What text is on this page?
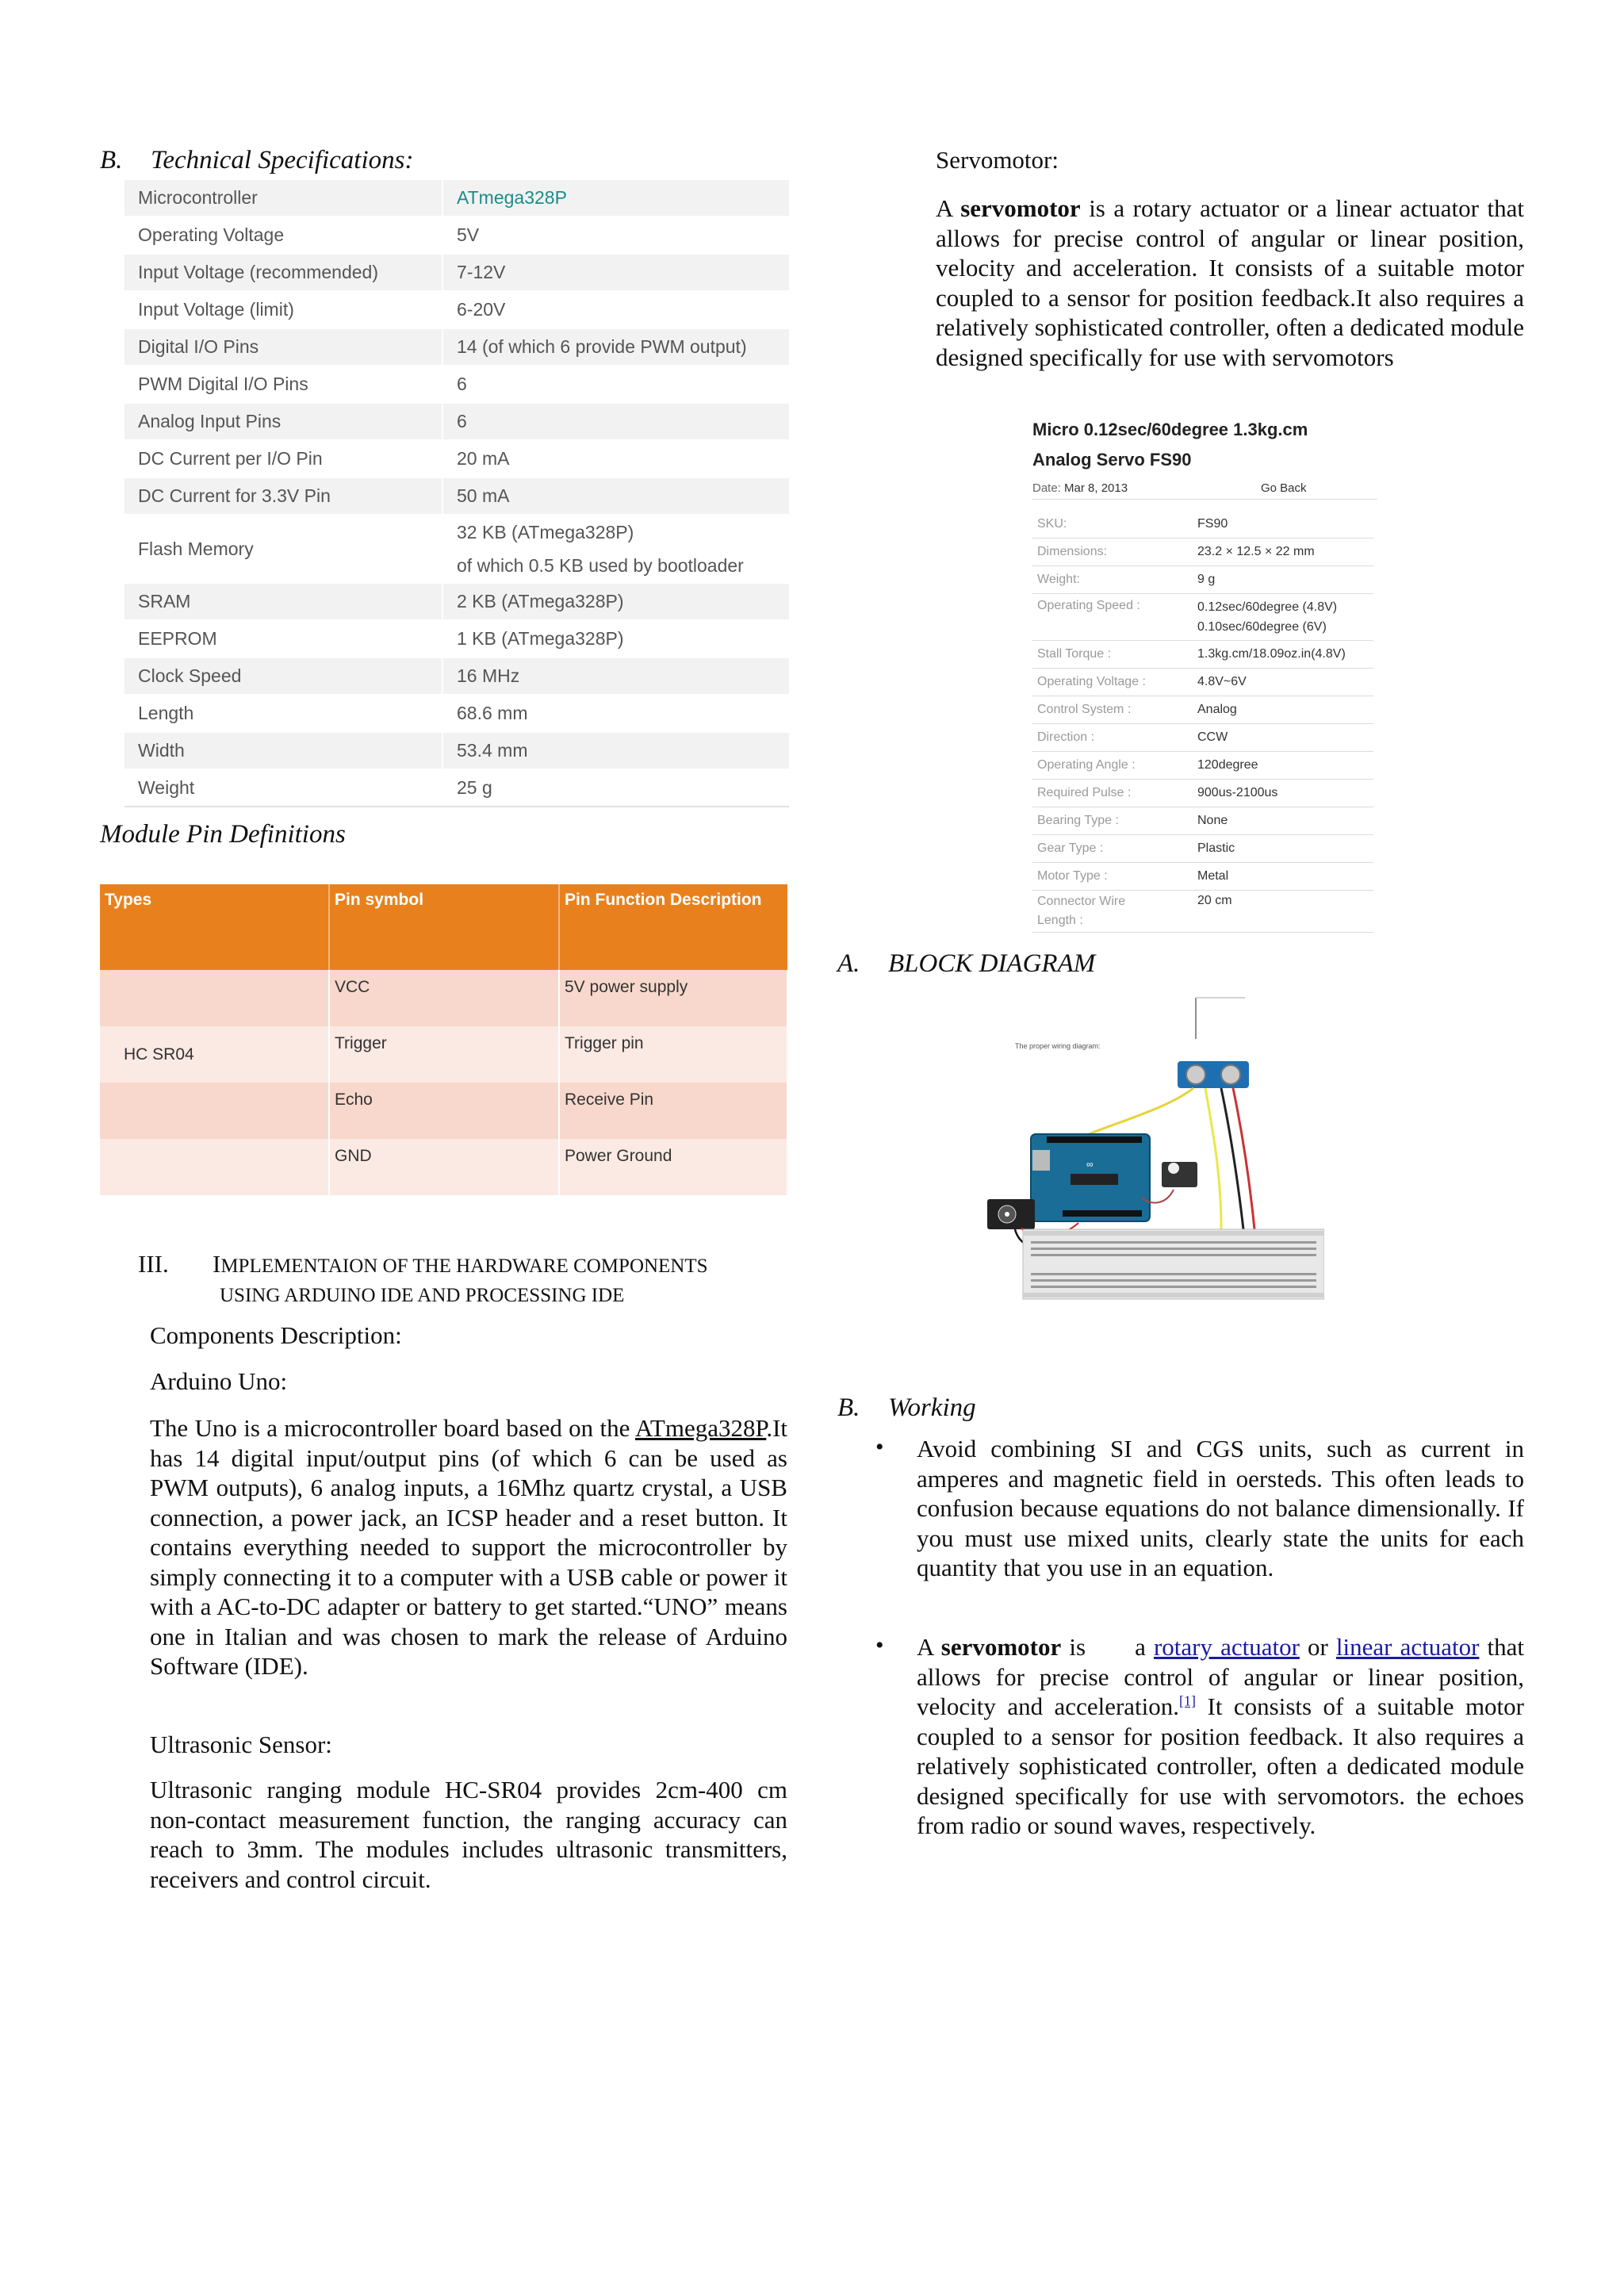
B. Technical Specifications:
Microcontroller	ATmega328P
Operating Voltage	5V
Input Voltage (recommended)	7-12V
Input Voltage (limit)	6-20V
Digital I/O Pins	14 (of which 6 provide PWM output)
PWM Digital I/O Pins	6
Analog Input Pins	6
DC Current per I/O Pin	20 mA
DC Current for 3.3V Pin	50 mA
Flash Memory	32 KB (ATmega328P)
of which 0.5 KB used by bootloader

SRAM	2 KB (ATmega328P)
EEPROM	1 KB (ATmega328P)
Clock Speed	16 MHz
Length	68.6 mm
Width	53.4 mm
Weight	25 g
Module Pin Definitions
Types	Pin symbol	Pin Function Description
	VCC	5V power supply
HC SR04	Trigger	Trigger pin
	Echo	Receive Pin
	GND	Power Ground
III. IMPLEMENTAION OF THE HARDWARE COMPONENTS
USING ARDUINO IDE AND PROCESSING IDE
Components Description:
Arduino Uno:

The Uno is a microcontroller board based on the ATmega328P.It has 14 digital input/output pins (of which 6 can be used as PWM outputs), 6 analog inputs, a 16Mhz quartz crystal, a USB connection, a power jack, an ICSP header and a reset button. It contains everything needed to support the microcontroller by simply connecting it to a computer with a USB cable or power it with a AC-to-DC adapter or battery to get started.“UNO” means one in Italian and was chosen to mark the release of Arduino Software (IDE).

Ultrasonic Sensor:

Ultrasonic ranging module HC-SR04 provides 2cm-400 cm non-contact measurement function, the ranging accuracy can reach to 3mm. The modules includes ultrasonic transmitters, receivers and control circuit.

Servomotor:

A servomotor is a rotary actuator or a linear actuator that allows for precise control of angular or linear position, velocity and acceleration. It consists of a suitable motor coupled to a sensor for position feedback.It also requires a relatively sophisticated controller, often a dedicated module designed specifically for use with servomotors

Micro 0.12sec/60degree 1.3kg.cm
Analog Servo FS90
Date: Mar 8, 2013	Go Back
SKU:	FS90
Dimensions:	23.2 × 12.5 × 22 mm
Weight:	9 g
Operating Speed :	0.12sec/60degree (4.8V)
0.10sec/60degree (6V)

Stall Torque :	1.3kg.cm/18.09oz.in(4.8V)
Operating Voltage :	4.8V~6V
Control System :	Analog
Direction :	CCW
Operating Angle :	120degree
Required Pulse :	900us-2100us
Bearing Type :	None
Gear Type :	Plastic
Motor Type :	Metal

Connector Wire
Length :	20 cm
A. BLOCK DIAGRAM
The proper wiring diagram:
∞
B. Working
• Avoid combining SI and CGS units, such as current in amperes and magnetic field in oersteds. This often leads to confusion because equations do not balance dimensionally. If you must use mixed units, clearly state the units for each quantity that you use in an equation.

• A servomotor is a rotary actuator or linear actuator that allows for precise control of angular or linear position, velocity and acceleration.[1] It consists of a suitable motor coupled to a sensor for position feedback. It also requires a relatively sophisticated controller, often a dedicated module designed specifically for use with servomotors. the echoes from radio or sound waves, respectively.
